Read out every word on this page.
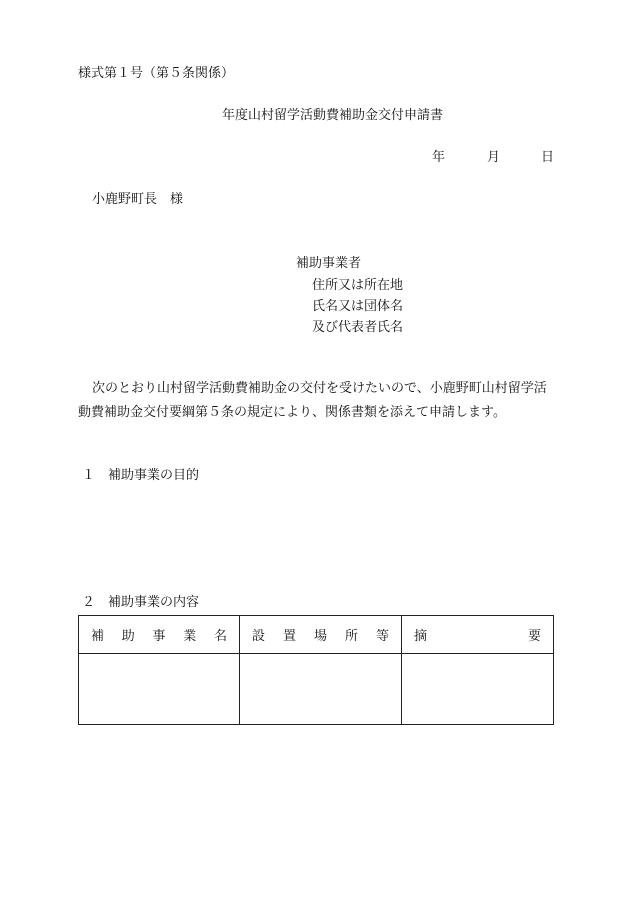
様式第１号（第５条関係）
年度山村留学活動費補助金交付申請書
年	月	日
小鹿野町長　様
補助事業者
住所又は所在地
氏名又は団体名
及び代表者氏名
次のとおり山村留学活動費補助金の交付を受けたいので、小鹿野町山村留学活
動費補助金交付要綱第５条の規定により、関係書類を添えて申請します。
１　補助事業の目的
２　補助事業の内容
補 助 事 業 名	設 置 場 所 等	摘 要
